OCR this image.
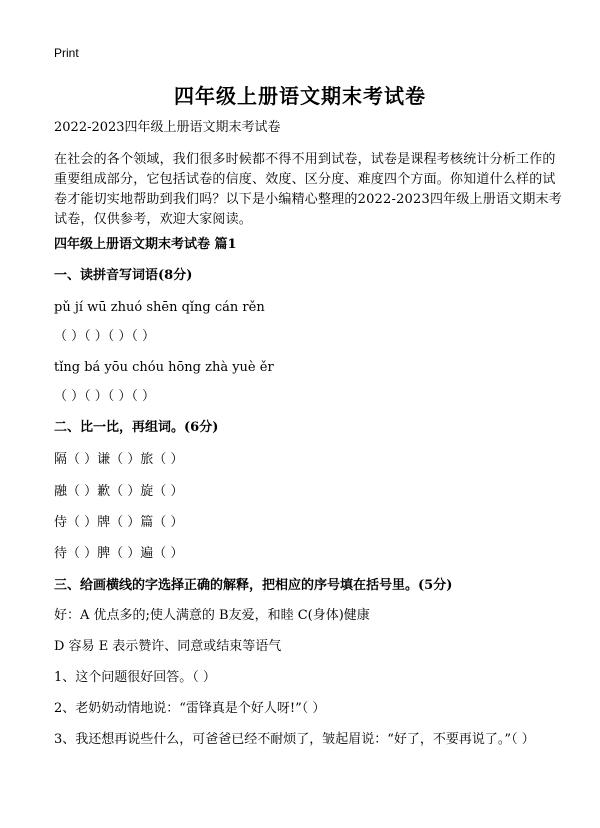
Print
四年级上册语文期末考试卷
2022-2023四年级上册语文期末考试卷
在社会的各个领域，我们很多时候都不得不用到试卷，试卷是课程考核统计分析工作的重要组成部分，它包括试卷的信度、效度、区分度、难度四个方面。你知道什么样的试卷才能切实地帮助到我们吗？以下是小编精心整理的2022-2023四年级上册语文期末考试卷，仅供参考，欢迎大家阅读。
四年级上册语文期末考试卷 篇1
一、读拼音写词语(8分)
pǔ jí wū zhuó shēn qǐng cán rěn
（ ）（ ）（ ）（ ）
tǐng bá yōu chóu hōng zhà yuè ěr
（ ）（ ）（ ）（ ）
二、比一比，再组词。(6分)
隔（ ）谦（ ）旅（ ）
融（ ）歉（ ）旋（ ）
侍（ ）牌（ ）篇（ ）
待（ ）脾（ ）遍（ ）
三、给画横线的字选择正确的解释，把相应的序号填在括号里。(5分)
好：A 优点多的;使人满意的 B友爱，和睦 C(身体)健康
D 容易 E 表示赞许、同意或结束等语气
1、这个问题很好回答。（ ）
2、老奶奶动情地说：“雷锋真是个好人呀!”（ ）
3、我还想再说些什么，可爸爸已经不耐烦了，皱起眉说：“好了，不要再说了。”（ ）
